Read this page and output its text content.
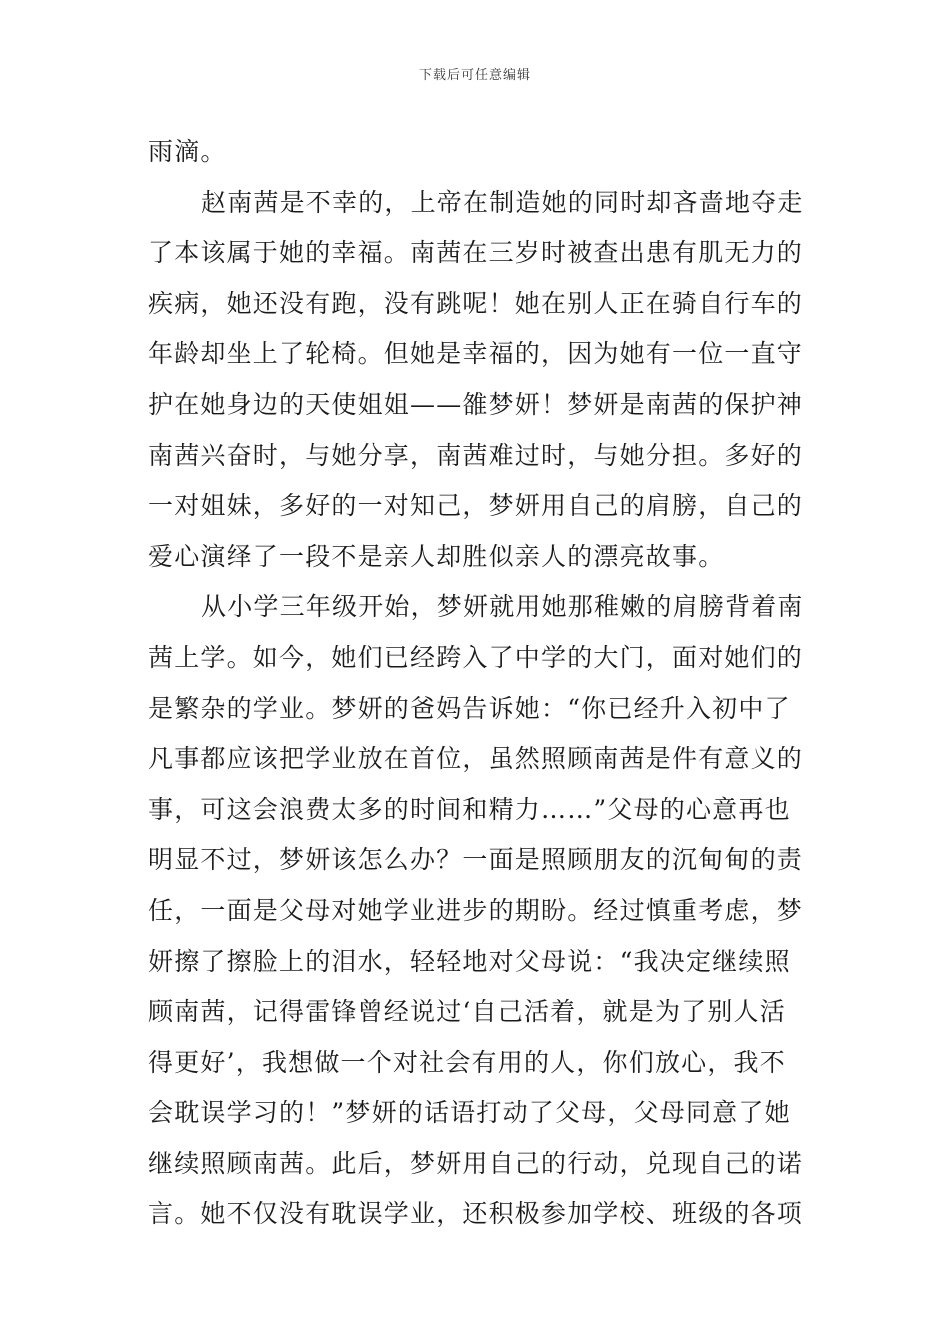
下载后可任意编辑
雨滴。
赵南茜是不幸的，上帝在制造她的同时却吝啬地夺走
了本该属于她的幸福。南茜在三岁时被查出患有肌无力的
疾病，她还没有跑，没有跳呢！她在别人正在骑自行车的
年龄却坐上了轮椅。但她是幸福的，因为她有一位一直守
护在她身边的天使姐姐——雒梦妍！梦妍是南茜的保护神
南茜兴奋时，与她分享，南茜难过时，与她分担。多好的
一对姐妹，多好的一对知己，梦妍用自己的肩膀，自己的
爱心演绎了一段不是亲人却胜似亲人的漂亮故事。
从小学三年级开始，梦妍就用她那稚嫩的肩膀背着南
茜上学。如今，她们已经跨入了中学的大门，面对她们的
是繁杂的学业。梦妍的爸妈告诉她：“你已经升入初中了
凡事都应该把学业放在首位，虽然照顾南茜是件有意义的
事，可这会浪费太多的时间和精力……”父母的心意再也
明显不过，梦妍该怎么办？一面是照顾朋友的沉甸甸的责
任，一面是父母对她学业进步的期盼。经过慎重考虑，梦
妍擦了擦脸上的泪水，轻轻地对父母说：“我决定继续照
顾南茜，记得雷锋曾经说过‘自己活着，就是为了别人活
得更好’，我想做一个对社会有用的人，你们放心，我不
会耽误学习的！”梦妍的话语打动了父母，父母同意了她
继续照顾南茜。此后，梦妍用自己的行动，兑现自己的诺
言。她不仅没有耽误学业，还积极参加学校、班级的各项
